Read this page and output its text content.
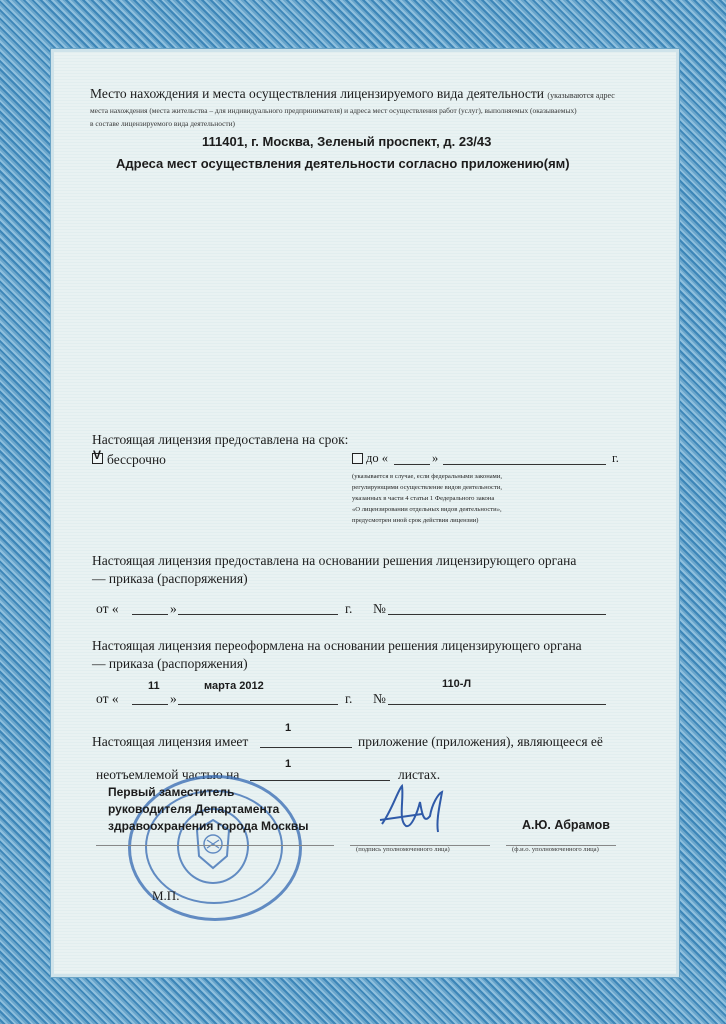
Место нахождения и места осуществления лицензируемого вида деятельности (указываются адрес
места нахождения (места жительства – для индивидуального предпринимателя) и адреса мест осуществления работ (услуг), выполняемых (оказываемых)
в составе лицензируемого вида деятельности)
111401, г. Москва, Зеленый проспект, д. 23/43
Адреса мест осуществления деятельности согласно приложению(ям)
Настоящая лицензия предоставлена на срок:
V бессрочно	до «	»	г.
(указывается в случае, если федеральными законами,
регулирующими осуществление видов деятельности,
указанных в части 4 статьи 1 Федерального закона
«О лицензировании отдельных видов деятельности»,
предусмотрен иной срок действия лицензии)
Настоящая лицензия предоставлена на основании решения лицензирующего органа
— приказа (распоряжения)
от «	»	г. №
Настоящая лицензия переоформлена на основании решения лицензирующего органа
— приказа (распоряжения)
11	марта 2012	110-Л
от «	»	г. №
1
Настоящая лицензия имеет	приложение (приложения), являющееся её
1
неотъемлемой частью на	листах.
Первый заместитель
руководителя Департамента
здравоохранения города Москвы	А.Ю. Абрамов
(подпись уполномоченного лица)	(ф.и.о. уполномоченного лица)
М.П.
